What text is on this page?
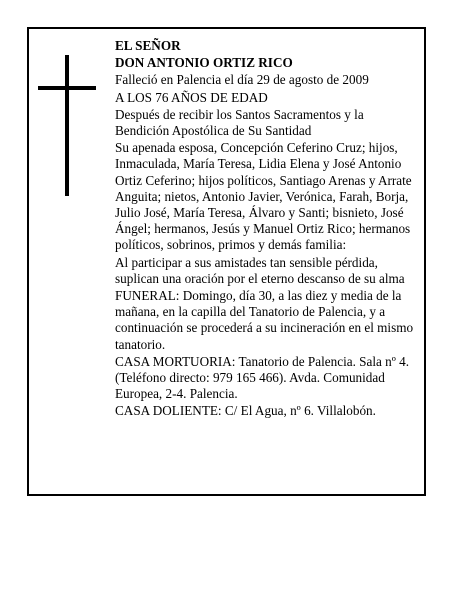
EL SEÑOR

DON ANTONIO ORTIZ RICO

Falleció en Palencia el día 29 de agosto de 2009

A LOS 76 AÑOS DE EDAD

Después de recibir los Santos Sacramentos y la Bendición Apostólica de Su Santidad

Su apenada esposa, Concepción Ceferino Cruz; hijos, Inmaculada, María Teresa, Lidia Elena y José Antonio Ortiz Ceferino; hijos políticos, Santiago Arenas y Arrate Anguita; nietos, Antonio Javier, Verónica, Farah, Borja, Julio José, María Teresa, Álvaro y Santi; bisnieto, José Ángel; hermanos, Jesús y Manuel Ortiz Rico; hermanos políticos, sobrinos, primos y demás familia:

Al participar a sus amistades tan sensible pérdida, suplican una oración por el eterno descanso de su alma

FUNERAL: Domingo, día 30, a las diez y media de la mañana, en la capilla del Tanatorio de Palencia, y a continuación se procederá a su incineración en el mismo tanatorio.

CASA MORTUORIA: Tanatorio de Palencia. Sala nº 4. (Teléfono directo: 979 165 466). Avda. Comunidad Europea, 2-4. Palencia.

CASA DOLIENTE: C/ El Agua, nº 6. Villalobón.
